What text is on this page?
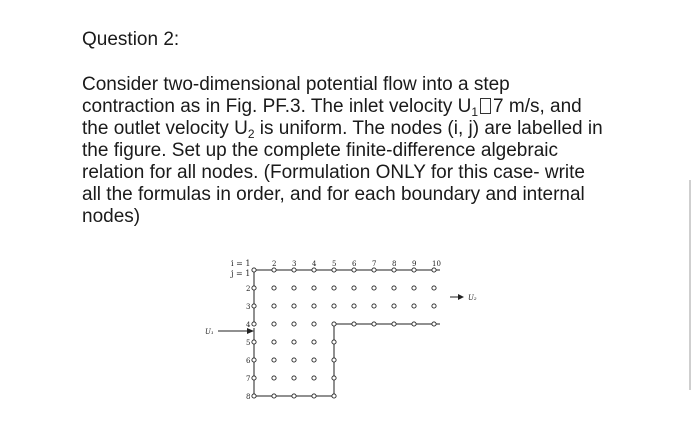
Question 2:
Consider two-dimensional potential flow into a step
contraction as in Fig. PF.3. The inlet velocity $U_1$ 7 m/s, and
the outlet velocity $U_2$ is uniform. The nodes (i, j) are labelled in
the figure. Set up the complete finite-difference algebraic
relation for all nodes. (Formulation ONLY for this case- write
all the formulas in order, and for each boundary and internal
nodes)
i = 1
j = 1
2 3 4 5 6 7 8 9 10
2
3
4
5
6
7
8
U₁
U₂
